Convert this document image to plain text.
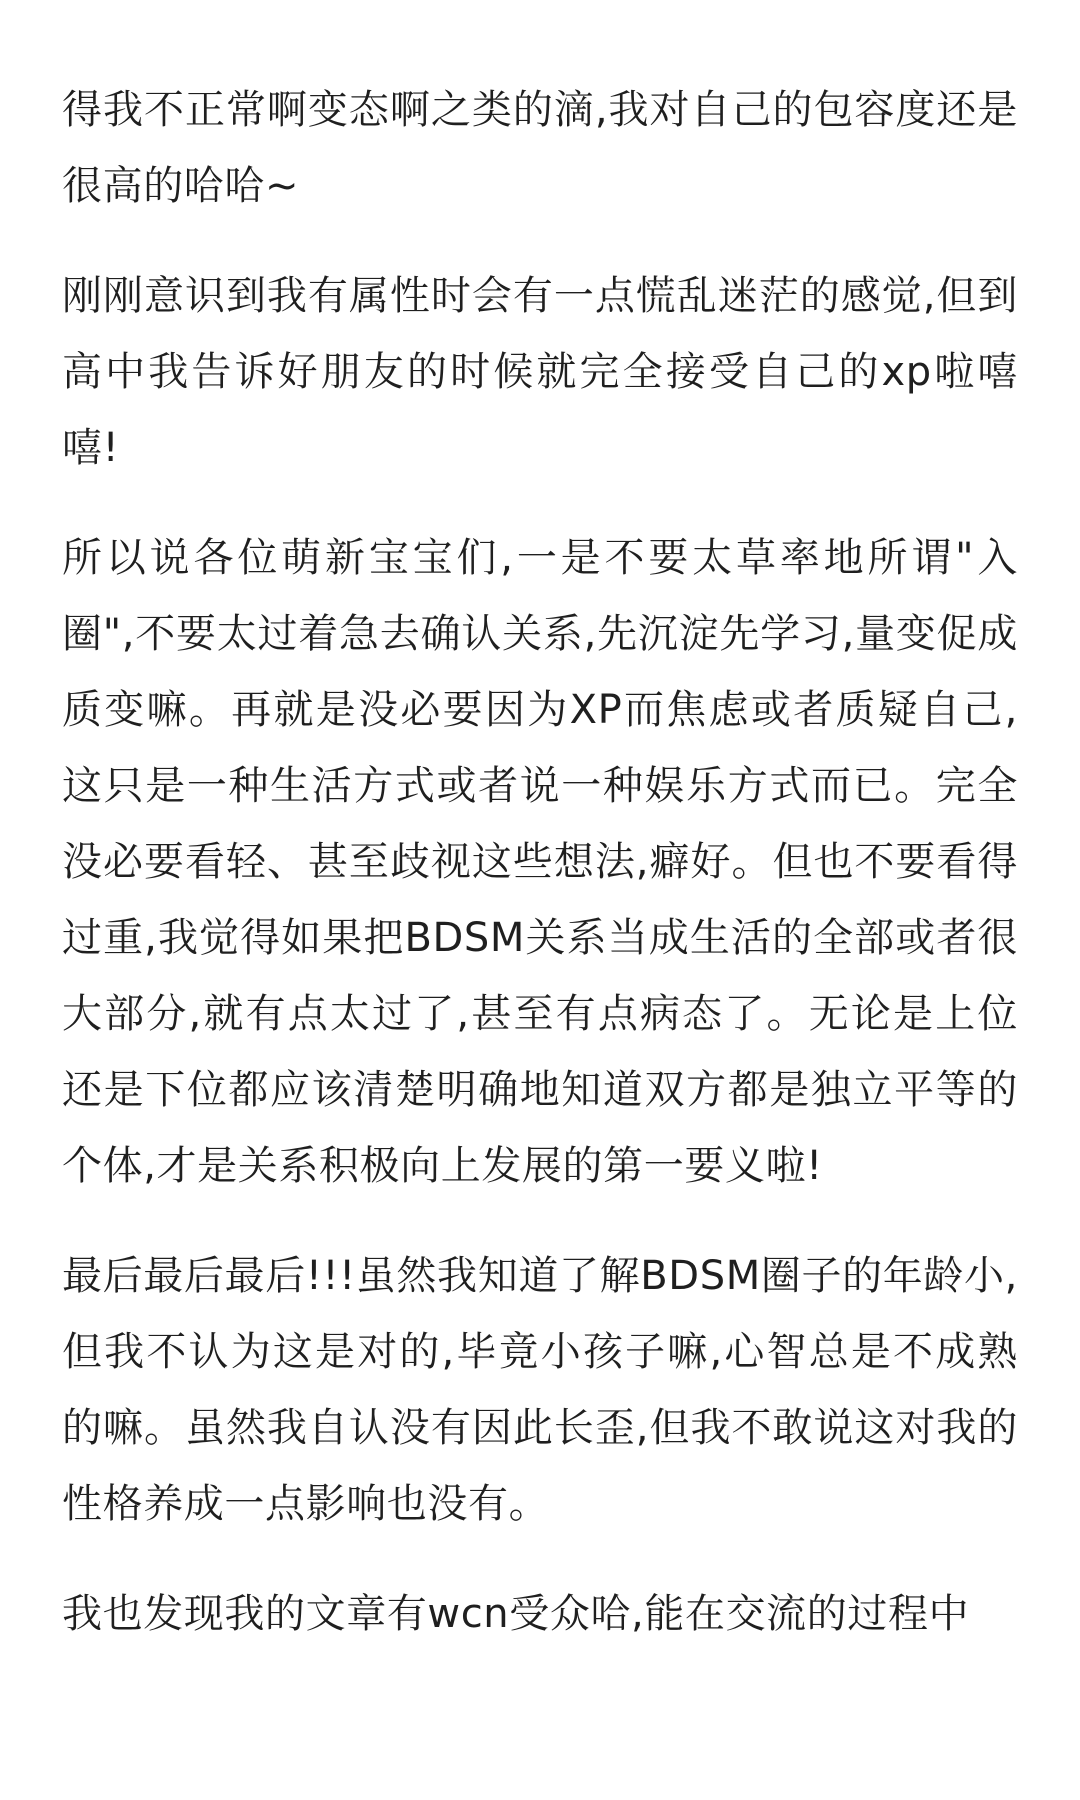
得我不正常啊变态啊之类的滴,我对自己的包容度还是很高的哈哈~

刚刚意识到我有属性时会有一点慌乱迷茫的感觉,但到高中我告诉好朋友的时候就完全接受自己的xp啦嘻嘻!

所以说各位萌新宝宝们,一是不要太草率地所谓"入圈",不要太过着急去确认关系,先沉淀先学习,量变促成质变嘛。再就是没必要因为XP而焦虑或者质疑自己,这只是一种生活方式或者说一种娱乐方式而已。完全没必要看轻、甚至歧视这些想法,癖好。但也不要看得过重,我觉得如果把BDSM关系当成生活的全部或者很大部分,就有点太过了,甚至有点病态了。无论是上位还是下位都应该清楚明确地知道双方都是独立平等的个体,才是关系积极向上发展的第一要义啦!

最后最后最后!!!虽然我知道了解BDSM圈子的年龄小,但我不认为这是对的,毕竟小孩子嘛,心智总是不成熟的嘛。虽然我自认没有因此长歪,但我不敢说这对我的性格养成一点影响也没有。

我也发现我的文章有wcn受众哈,能在交流的过程中
